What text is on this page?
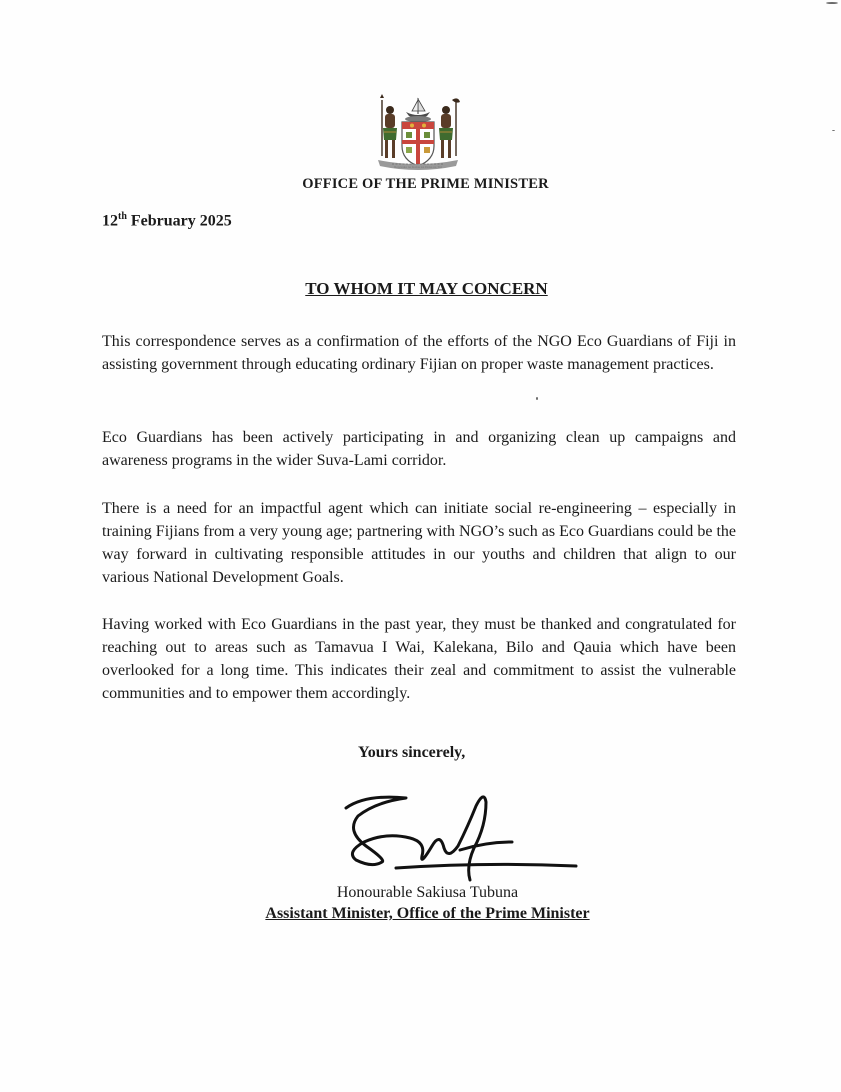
Rerevaka na Kalou ka Doka na Tui
OFFICE OF THE PRIME MINISTER
12th February 2025
TO WHOM IT MAY CONCERN
This correspondence serves as a confirmation of the efforts of the NGO Eco Guardians of Fiji in assisting government through educating ordinary Fijian on proper waste management practices.
Eco Guardians has been actively participating in and organizing clean up campaigns and awareness programs in the wider Suva-Lami corridor.
There is a need for an impactful agent which can initiate social re-engineering – especially in training Fijians from a very young age; partnering with NGO’s such as Eco Guardians could be the way forward in cultivating responsible attitudes in our youths and children that align to our various National Development Goals.
Having worked with Eco Guardians in the past year, they must be thanked and congratulated for reaching out to areas such as Tamavua I Wai, Kalekana, Bilo and Qauia which have been overlooked for a long time. This indicates their zeal and commitment to assist the vulnerable communities and to empower them accordingly.
Yours sincerely,
Honourable Sakiusa Tubuna
Assistant Minister, Office of the Prime Minister
